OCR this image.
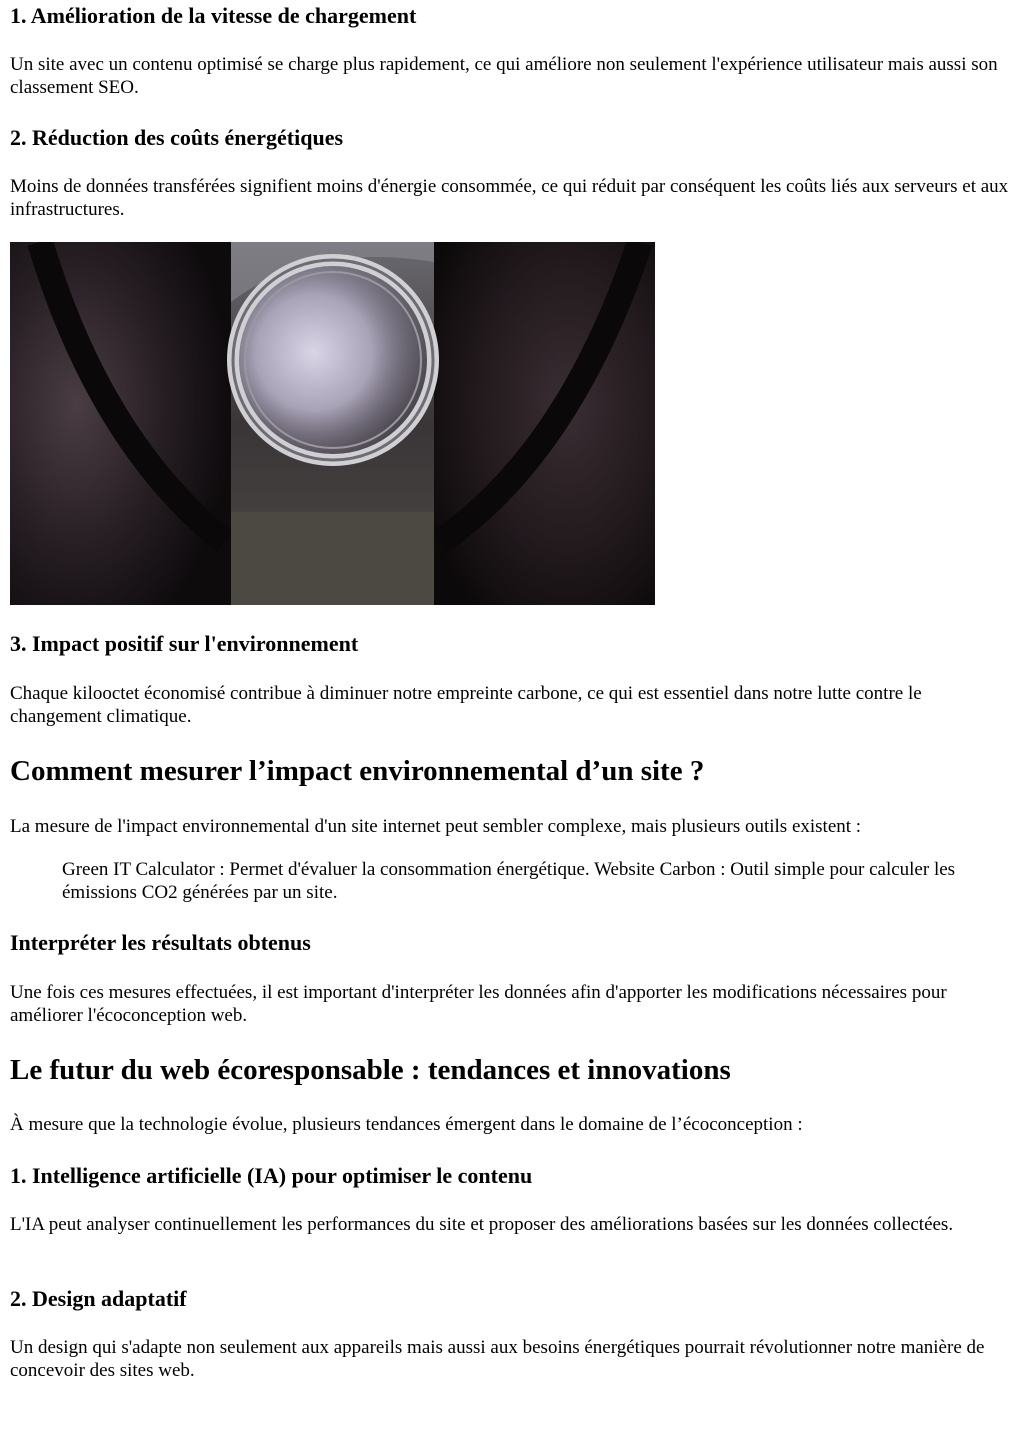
1. Amélioration de la vitesse de chargement

Un site avec un contenu optimisé se charge plus rapidement, ce qui améliore non seulement l'expérience utilisateur mais aussi son classement SEO.

2. Réduction des coûts énergétiques

Moins de données transférées signifient moins d'énergie consommée, ce qui réduit par conséquent les coûts liés aux serveurs et aux infrastructures.

3. Impact positif sur l'environnement

Chaque kilooctet économisé contribue à diminuer notre empreinte carbone, ce qui est essentiel dans notre lutte contre le changement climatique.

Comment mesurer l’impact environnemental d’un site ?

La mesure de l'impact environnemental d'un site internet peut sembler complexe, mais plusieurs outils existent :

Green IT Calculator : Permet d'évaluer la consommation énergétique. Website Carbon : Outil simple pour calculer les émissions CO2 générées par un site.
Interpréter les résultats obtenus

Une fois ces mesures effectuées, il est important d'interpréter les données afin d'apporter les modifications nécessaires pour améliorer l'écoconception web.

Le futur du web écoresponsable : tendances et innovations

À mesure que la technologie évolue, plusieurs tendances émergent dans le domaine de l’écoconception :

1. Intelligence artificielle (IA) pour optimiser le contenu

L'IA peut analyser continuellement les performances du site et proposer des améliorations basées sur les données collectées.

2. Design adaptatif

Un design qui s'adapte non seulement aux appareils mais aussi aux besoins énergétiques pourrait révolutionner notre manière de concevoir des sites web.
